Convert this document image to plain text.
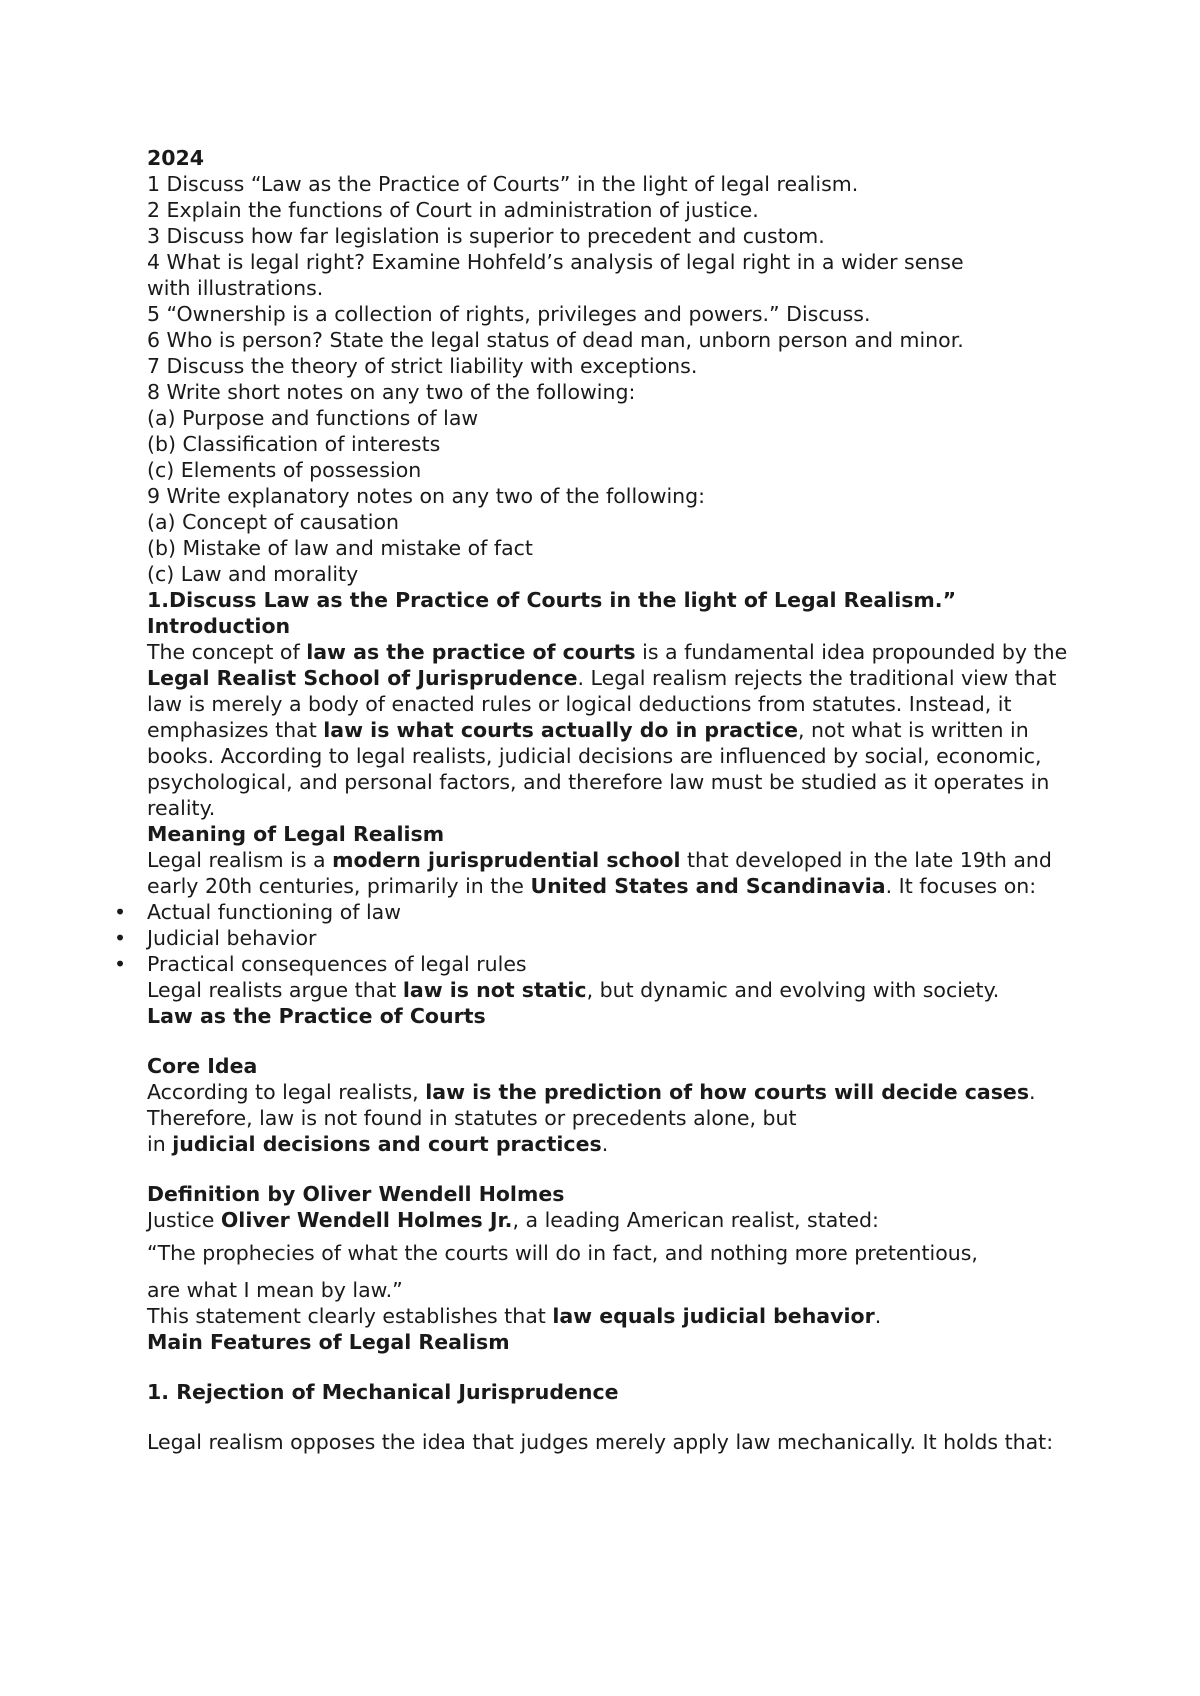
2024

1 Discuss “Law as the Practice of Courts” in the light of legal realism.

2 Explain the functions of Court in administration of justice.

3 Discuss how far legislation is superior to precedent and custom.

4 What is legal right? Examine Hohfeld’s analysis of legal right in a wider sense

with illustrations.

5 “Ownership is a collection of rights, privileges and powers.” Discuss.

6 Who is person? State the legal status of dead man, unborn person and minor.

7 Discuss the theory of strict liability with exceptions.

8 Write short notes on any two of the following:

(a) Purpose and functions of law

(b) Classification of interests

(c) Elements of possession

9 Write explanatory notes on any two of the following:

(a) Concept of causation

(b) Mistake of law and mistake of fact

(c) Law and morality

1.Discuss Law as the Practice of Courts in the light of Legal Realism.”

Introduction

The concept of law as the practice of courts is a fundamental idea propounded by the Legal Realist School of Jurisprudence. Legal realism rejects the traditional view that law is merely a body of enacted rules or logical deductions from statutes. Instead, it emphasizes that law is what courts actually do in practice, not what is written in books. According to legal realists, judicial decisions are influenced by social, economic, psychological, and personal factors, and therefore law must be studied as it operates in reality.

Meaning of Legal Realism

Legal realism is a modern jurisprudential school that developed in the late 19th and early 20th centuries, primarily in the United States and Scandinavia. It focuses on:

• Actual functioning of law
• Judicial behavior
• Practical consequences of legal rules

Legal realists argue that law is not static, but dynamic and evolving with society.

Law as the Practice of Courts

Core Idea

According to legal realists, law is the prediction of how courts will decide cases. Therefore, law is not found in statutes or precedents alone, but
in judicial decisions and court practices.

Definition by Oliver Wendell Holmes

Justice Oliver Wendell Holmes Jr., a leading American realist, stated:

“The prophecies of what the courts will do in fact, and nothing more pretentious,

are what I mean by law.”

This statement clearly establishes that law equals judicial behavior.

Main Features of Legal Realism

1. Rejection of Mechanical Jurisprudence

Legal realism opposes the idea that judges merely apply law mechanically. It holds that:
